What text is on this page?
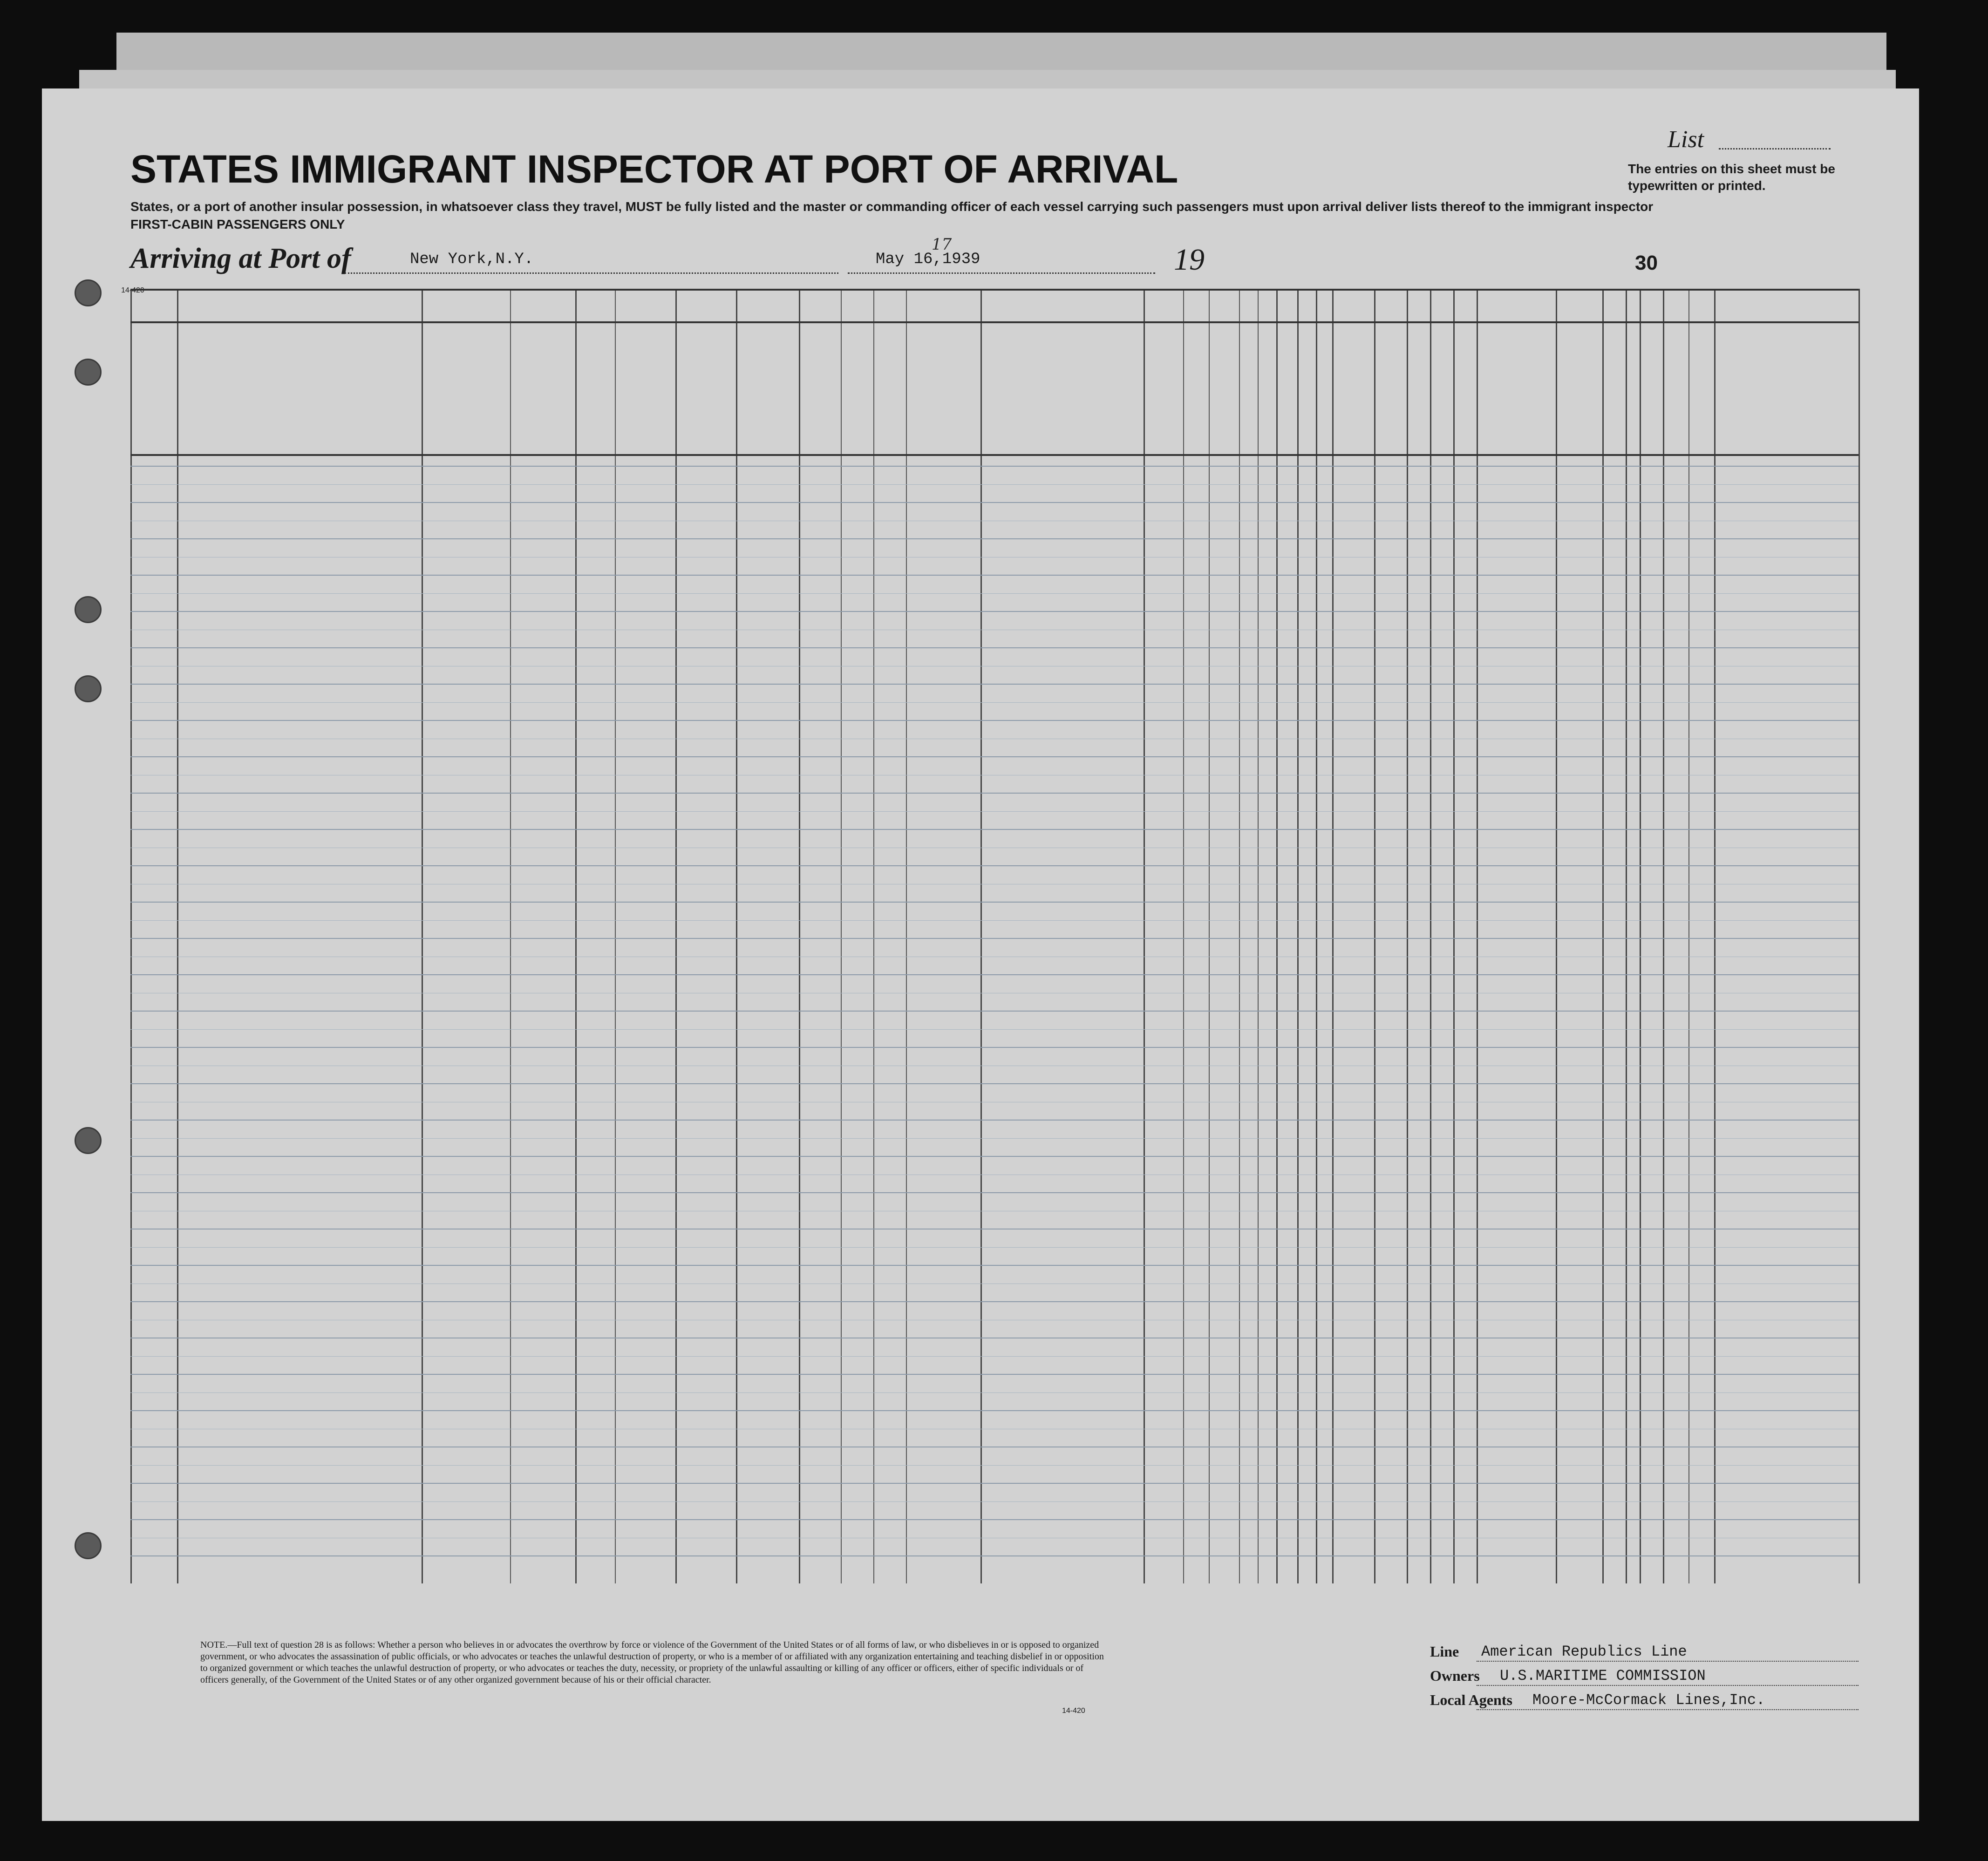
STATES IMMIGRANT INSPECTOR AT PORT OF ARRIVAL
List
The entries on this sheet must be typewritten or printed.
States, or a port of another insular possession, in whatsoever class they travel, MUST be fully listed and the master or commanding officer of each vessel carrying such passengers must upon arrival deliver lists thereof to the immigrant inspector
FIRST-CABIN PASSENGERS ONLY
Arriving at Port of	New York,N.Y.	May 16,1939
17	19	30
14-420
NOTE.—Full text of question 28 is as follows: Whether a person who believes in or advocates the overthrow by force or violence of the Government of the United States or of all forms of law, or who disbelieves in or is opposed to organized government, or who advocates the assassination of public officials, or who advocates or teaches the unlawful destruction of property, or who is a member of or affiliated with any organization entertaining and teaching disbelief in or opposition to organized government or which teaches the unlawful destruction of property, or who advocates or teaches the duty, necessity, or propriety of the unlawful assaulting or killing of any officer or officers, either of specific individuals or of officers generally, of the Government of the United States or of any other organized government because of his or their official character.
14-420
Line American Republics Line
Owners U.S.MARITIME COMMISSION
Local Agents Moore-McCormack Lines,Inc.
